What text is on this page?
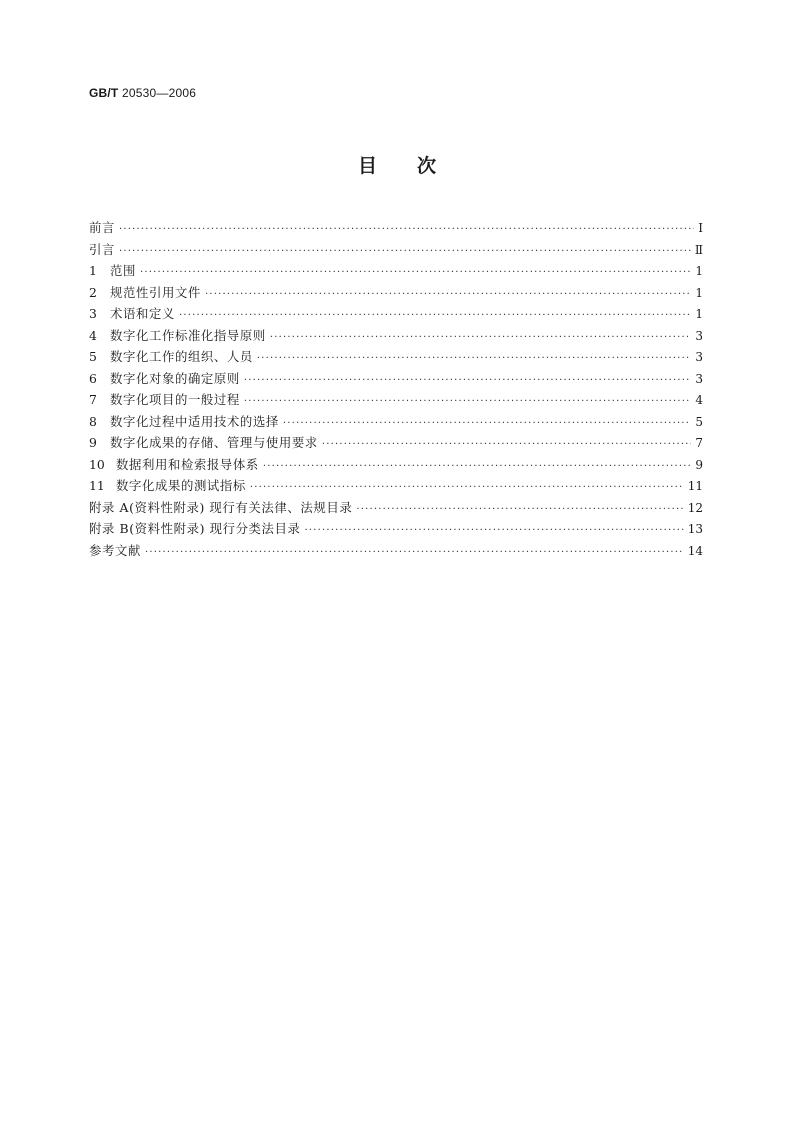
GB/T 20530—2006
目 次
前言 ·····	Ⅰ
引言 ·····	Ⅱ
1	范围 ·····	1
2	规范性引用文件 ·····	1
3	术语和定义 ·····	1
4	数字化工作标准化指导原则 ·····	3
5	数字化工作的组织、人员 ·····	3
6	数字化对象的确定原则 ·····	3
7	数字化项目的一般过程 ·····	4
8	数字化过程中适用技术的选择 ·····	5
9	数字化成果的存储、管理与使用要求 ·····	7
10 数据利用和检索报导体系 ·····	9
11 数字化成果的测试指标 ·····	11
附录 A(资料性附录) 现行有关法律、法规目录 ·····	12
附录 B(资料性附录) 现行分类法目录 ·····	13
参考文献 ·····	14
